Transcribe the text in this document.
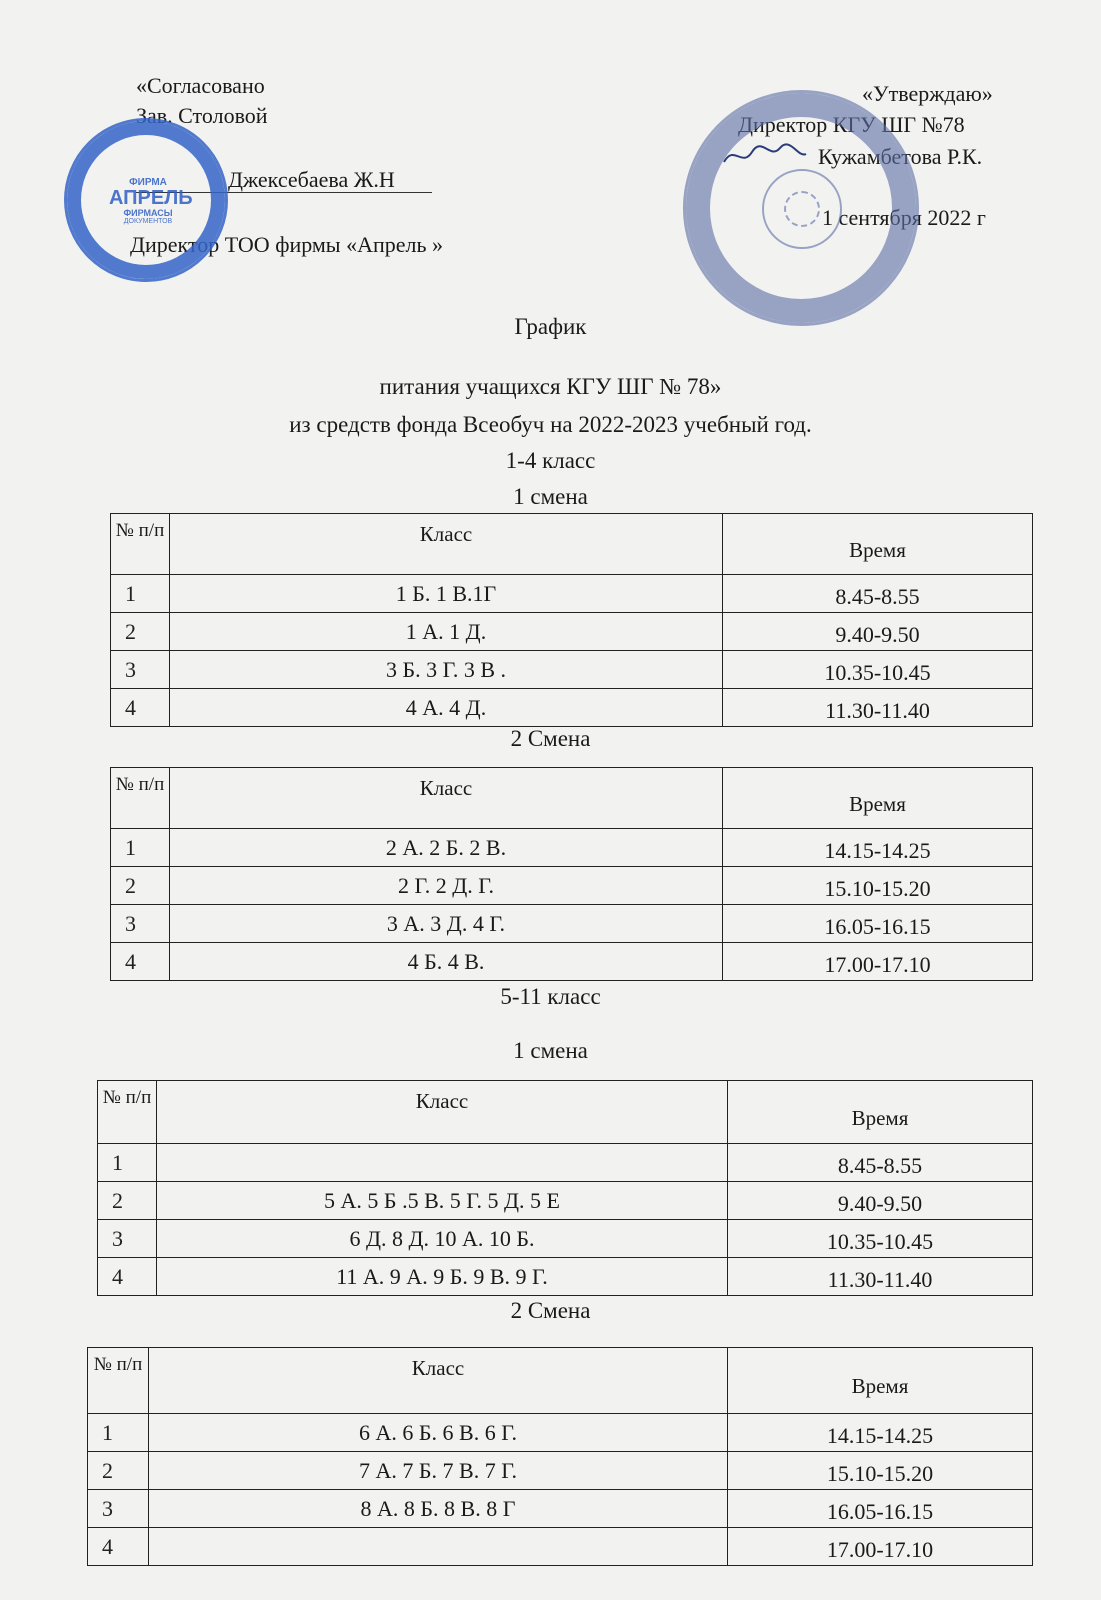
«Согласовано
Зав. Столовой
Джексебаева Ж.Н
Директор ТОО фирмы «Апрель »
ФИРМА
АПРЕЛЬ
ФИРМАСЫ
ДОКУМЕНТОВ
«Утверждаю»
Директор КГУ ШГ №78
Кужамбетова Р.К.
1 сентября 2022 г
График
питания учащихся КГУ ШГ № 78»
из средств фонда Всеобуч на 2022-2023 учебный год.
1-4 класс
1 смена
№ п/п	Класс	Время
1	1 Б. 1 В.1Г	8.45-8.55
2	1 А. 1 Д.	9.40-9.50
3	3 Б. 3 Г. 3 В .	10.35-10.45
4	4 А. 4 Д.	11.30-11.40
2 Смена
№ п/п	Класс	Время
1	2 А. 2 Б. 2 В.	14.15-14.25
2	2 Г. 2 Д. Г.	15.10-15.20
3	3 А. 3 Д. 4 Г.	16.05-16.15
4	4 Б. 4 В.	17.00-17.10
5-11 класс
1 смена
№ п/п	Класс	Время
1		8.45-8.55
2	5 А. 5 Б .5 В. 5 Г. 5 Д. 5 Е	9.40-9.50
3	6 Д. 8 Д. 10 А. 10 Б.	10.35-10.45
4	11 А. 9 А. 9 Б. 9 В. 9 Г.	11.30-11.40
2 Смена
№ п/п	Класс	Время
1	6 А. 6 Б. 6 В. 6 Г.	14.15-14.25
2	7 А. 7 Б. 7 В. 7 Г.	15.10-15.20
3	8 А. 8 Б. 8 В. 8 Г	16.05-16.15
4		17.00-17.10
